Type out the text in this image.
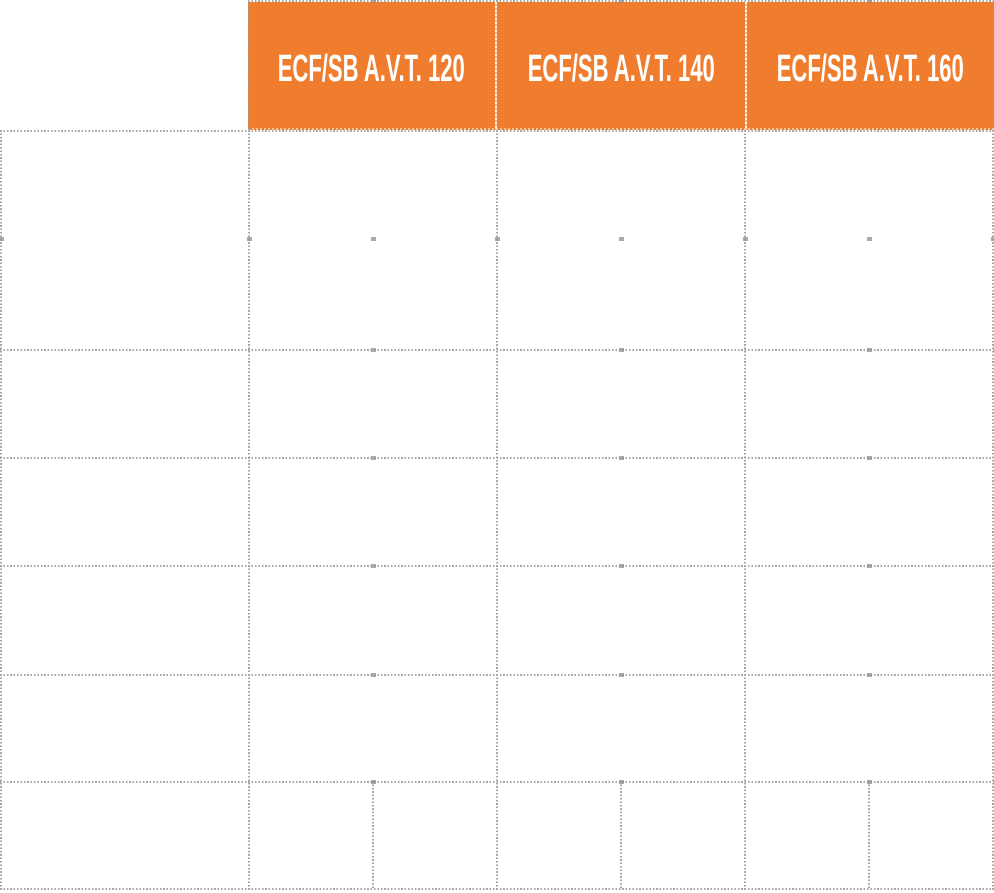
ECF/SB A.V.T. 120 ECF/SB A.V.T. 140 ECF/SB A.V.T. 160
